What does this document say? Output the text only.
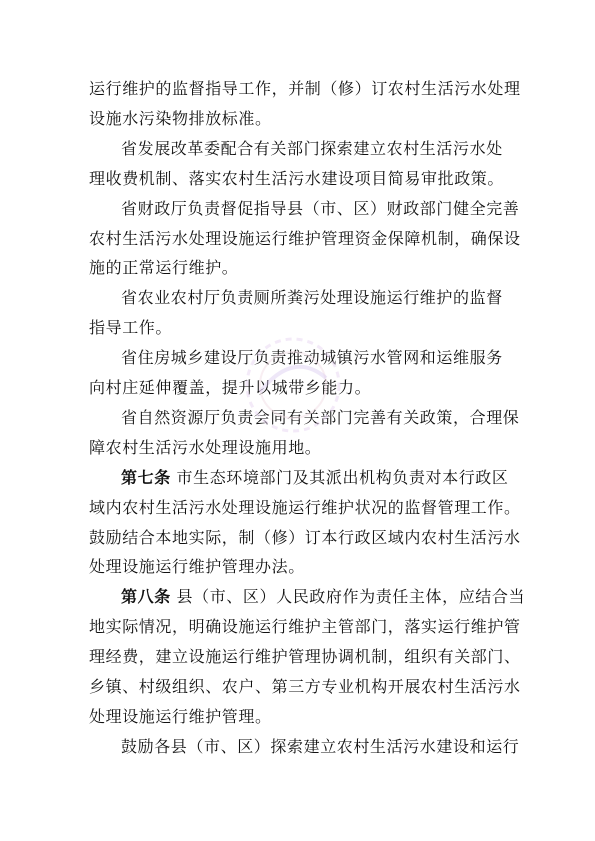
运行维护的监督指导工作，并制（修）订农村生活污水处理
设施水污染物排放标准。
省发展改革委配合有关部门探索建立农村生活污水处
理收费机制、落实农村生活污水建设项目简易审批政策。
省财政厅负责督促指导县（市、区）财政部门健全完善
农村生活污水处理设施运行维护管理资金保障机制，确保设
施的正常运行维护。
省农业农村厅负责厕所粪污处理设施运行维护的监督
指导工作。
省住房城乡建设厅负责推动城镇污水管网和运维服务
向村庄延伸覆盖，提升以城带乡能力。
省自然资源厅负责会同有关部门完善有关政策，合理保
障农村生活污水处理设施用地。
第七条 市生态环境部门及其派出机构负责对本行政区
域内农村生活污水处理设施运行维护状况的监督管理工作。
鼓励结合本地实际，制（修）订本行政区域内农村生活污水
处理设施运行维护管理办法。
第八条 县（市、区）人民政府作为责任主体，应结合当
地实际情况，明确设施运行维护主管部门，落实运行维护管
理经费，建立设施运行维护管理协调机制，组织有关部门、
乡镇、村级组织、农户、第三方专业机构开展农村生活污水
处理设施运行维护管理。
鼓励各县（市、区）探索建立农村生活污水建设和运行
